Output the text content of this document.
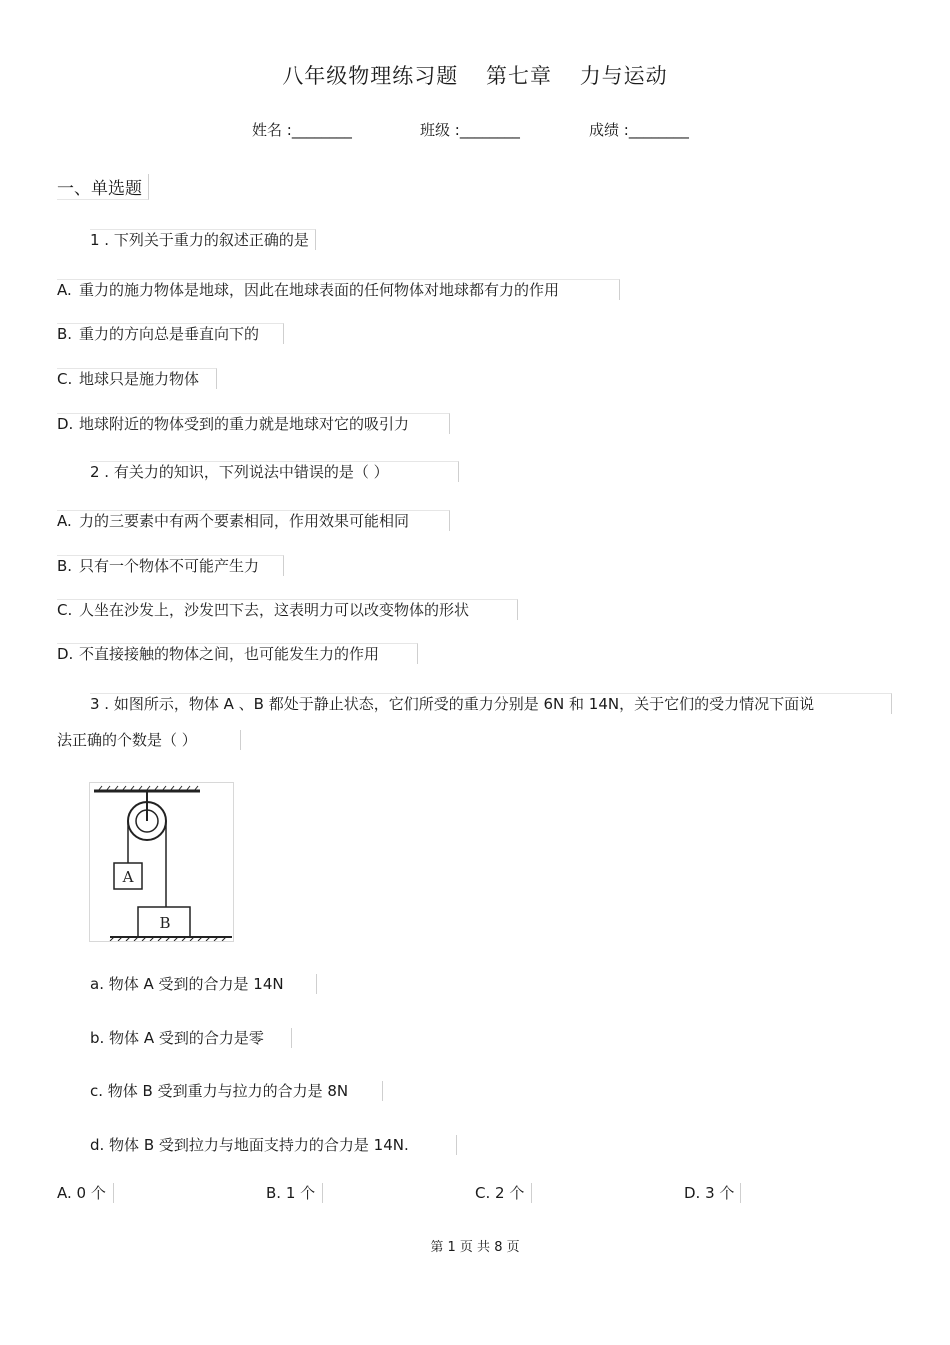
八年级物理练习题 第七章 力与运动
姓名 :________	班级 :________	成绩 :________
一、单选题
1 . 下列关于重力的叙述正确的是
A. 重力的施力物体是地球，因此在地球表面的任何物体对地球都有力的作用
B. 重力的方向总是垂直向下的
C. 地球只是施力物体
D. 地球附近的物体受到的重力就是地球对它的吸引力
2 . 有关力的知识，下列说法中错误的是（ ）
A. 力的三要素中有两个要素相同，作用效果可能相同
B. 只有一个物体不可能产生力
C. 人坐在沙发上，沙发凹下去，这表明力可以改变物体的形状
D. 不直接接触的物体之间，也可能发生力的作用
3 . 如图所示，物体 A 、B 都处于静止状态，它们所受的重力分别是 6N 和 14N，关于它们的受力情况下面说
法正确的个数是（ ）
A
B
a. 物体 A 受到的合力是 14N
b. 物体 A 受到的合力是零
c. 物体 B 受到重力与拉力的合力是 8N
d. 物体 B 受到拉力与地面支持力的合力是 14N.
A. 0 个	B. 1 个	C. 2 个	D. 3 个
第 1 页 共 8 页
